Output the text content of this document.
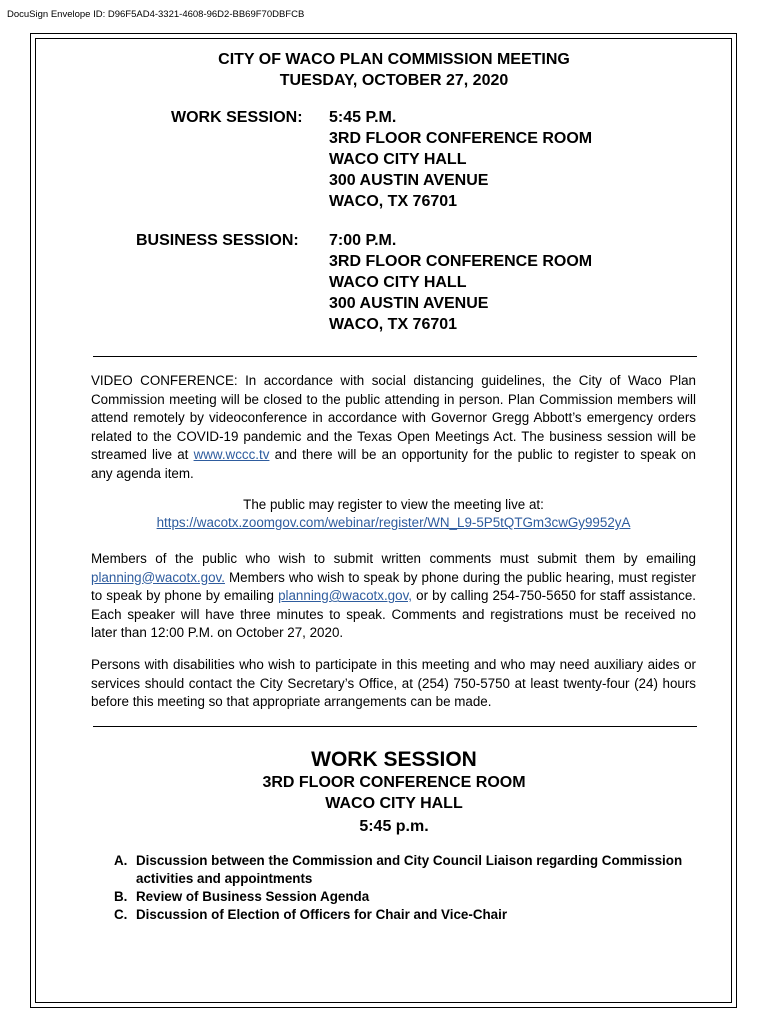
DocuSign Envelope ID: D96F5AD4-3321-4608-96D2-BB69F70DBFCB
CITY OF WACO PLAN COMMISSION MEETING
TUESDAY, OCTOBER 27, 2020
WORK SESSION: 5:45 P.M.
3RD FLOOR CONFERENCE ROOM
WACO CITY HALL
300 AUSTIN AVENUE
WACO, TX 76701
BUSINESS SESSION: 7:00 P.M.
3RD FLOOR CONFERENCE ROOM
WACO CITY HALL
300 AUSTIN AVENUE
WACO, TX 76701
VIDEO CONFERENCE: In accordance with social distancing guidelines, the City of Waco Plan Commission meeting will be closed to the public attending in person. Plan Commission members will attend remotely by videoconference in accordance with Governor Gregg Abbott’s emergency orders related to the COVID-19 pandemic and the Texas Open Meetings Act. The business session will be streamed live at www.wccc.tv and there will be an opportunity for the public to register to speak on any agenda item.
The public may register to view the meeting live at:
https://wacotx.zoomgov.com/webinar/register/WN_L9-5P5tQTGm3cwGy9952yA
Members of the public who wish to submit written comments must submit them by emailing planning@wacotx.gov. Members who wish to speak by phone during the public hearing, must register to speak by phone by emailing planning@wacotx.gov, or by calling 254-750-5650 for staff assistance. Each speaker will have three minutes to speak. Comments and registrations must be received no later than 12:00 P.M. on October 27, 2020.
Persons with disabilities who wish to participate in this meeting and who may need auxiliary aides or services should contact the City Secretary’s Office, at (254) 750-5750 at least twenty-four (24) hours before this meeting so that appropriate arrangements can be made.
WORK SESSION
3RD FLOOR CONFERENCE ROOM
WACO CITY HALL
5:45 p.m.
A. Discussion between the Commission and City Council Liaison regarding Commission activities and appointments
B. Review of Business Session Agenda
C. Discussion of Election of Officers for Chair and Vice-Chair
